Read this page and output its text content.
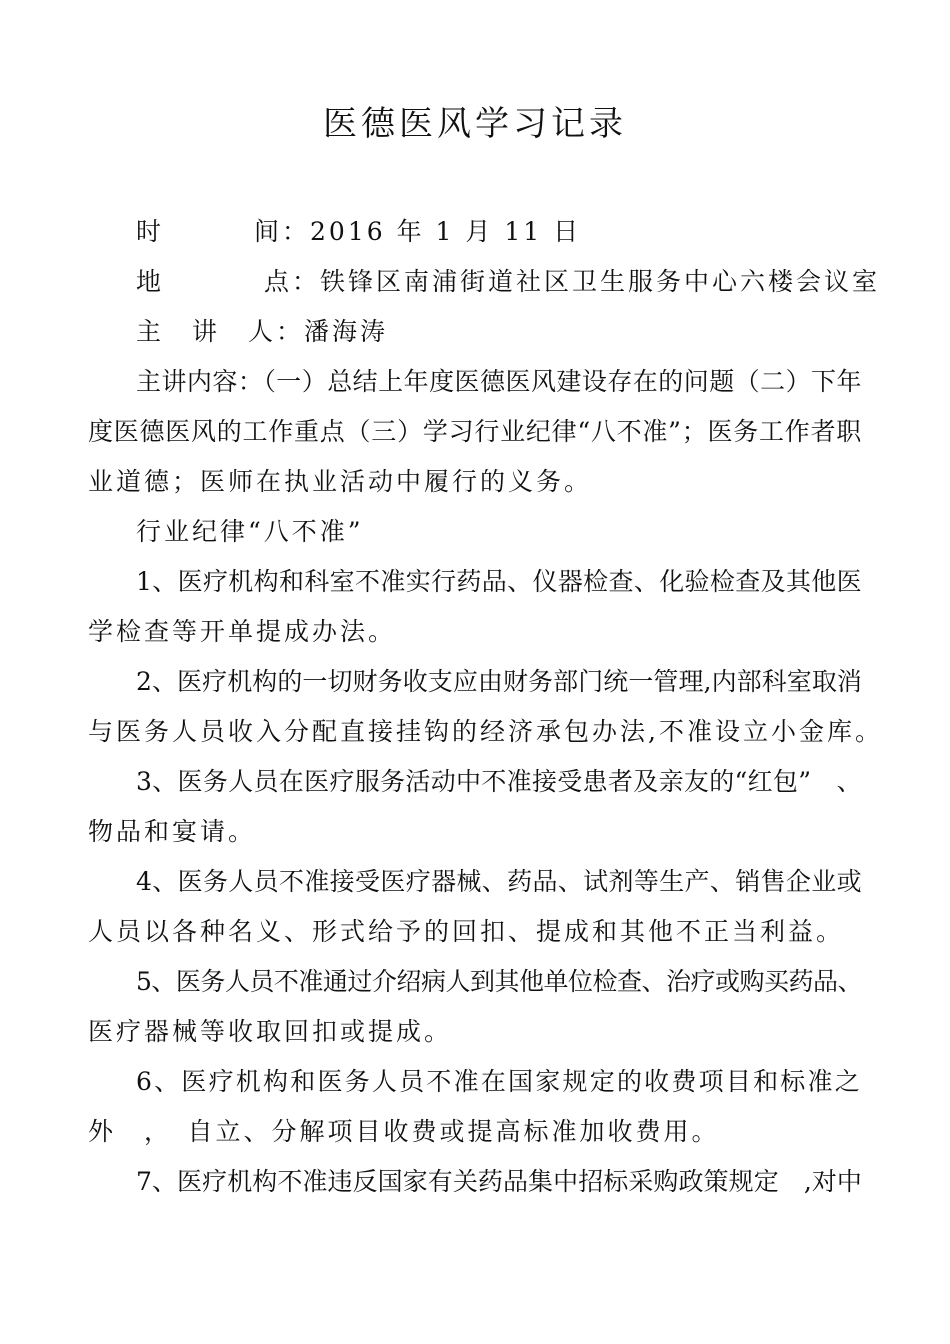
医德医风学习记录
时	间：2016 年 1 月 11 日
地	点：铁锋区南浦街道社区卫生服务中心六楼会议室
主　讲　人：潘海涛
主讲内容：（一）总结上年度医德医风建设存在的问题（二）下年
度医德医风的工作重点（三）学习行业纪律“八不准”；医务工作者职
业道德；医师在执业活动中履行的义务。
行业纪律“八不准”
1、医疗机构和科室不准实行药品、仪器检查、化验检查及其他医
学检查等开单提成办法。
2、医疗机构的一切财务收支应由财务部门统一管理,内部科室取消
与医务人员收入分配直接挂钩的经济承包办法,不准设立小金库。
3、医务人员在医疗服务活动中不准接受患者及亲友的“红包”　、
物品和宴请。
4、医务人员不准接受医疗器械、药品、试剂等生产、销售企业或
人员以各种名义、形式给予的回扣、提成和其他不正当利益。
5、医务人员不准通过介绍病人到其他单位检查、治疗或购买药品、
医疗器械等收取回扣或提成。
6、医疗机构和医务人员不准在国家规定的收费项目和标准之
外　，　自立、分解项目收费或提高标准加收费用。
7、医疗机构不准违反国家有关药品集中招标采购政策规定　,对中
